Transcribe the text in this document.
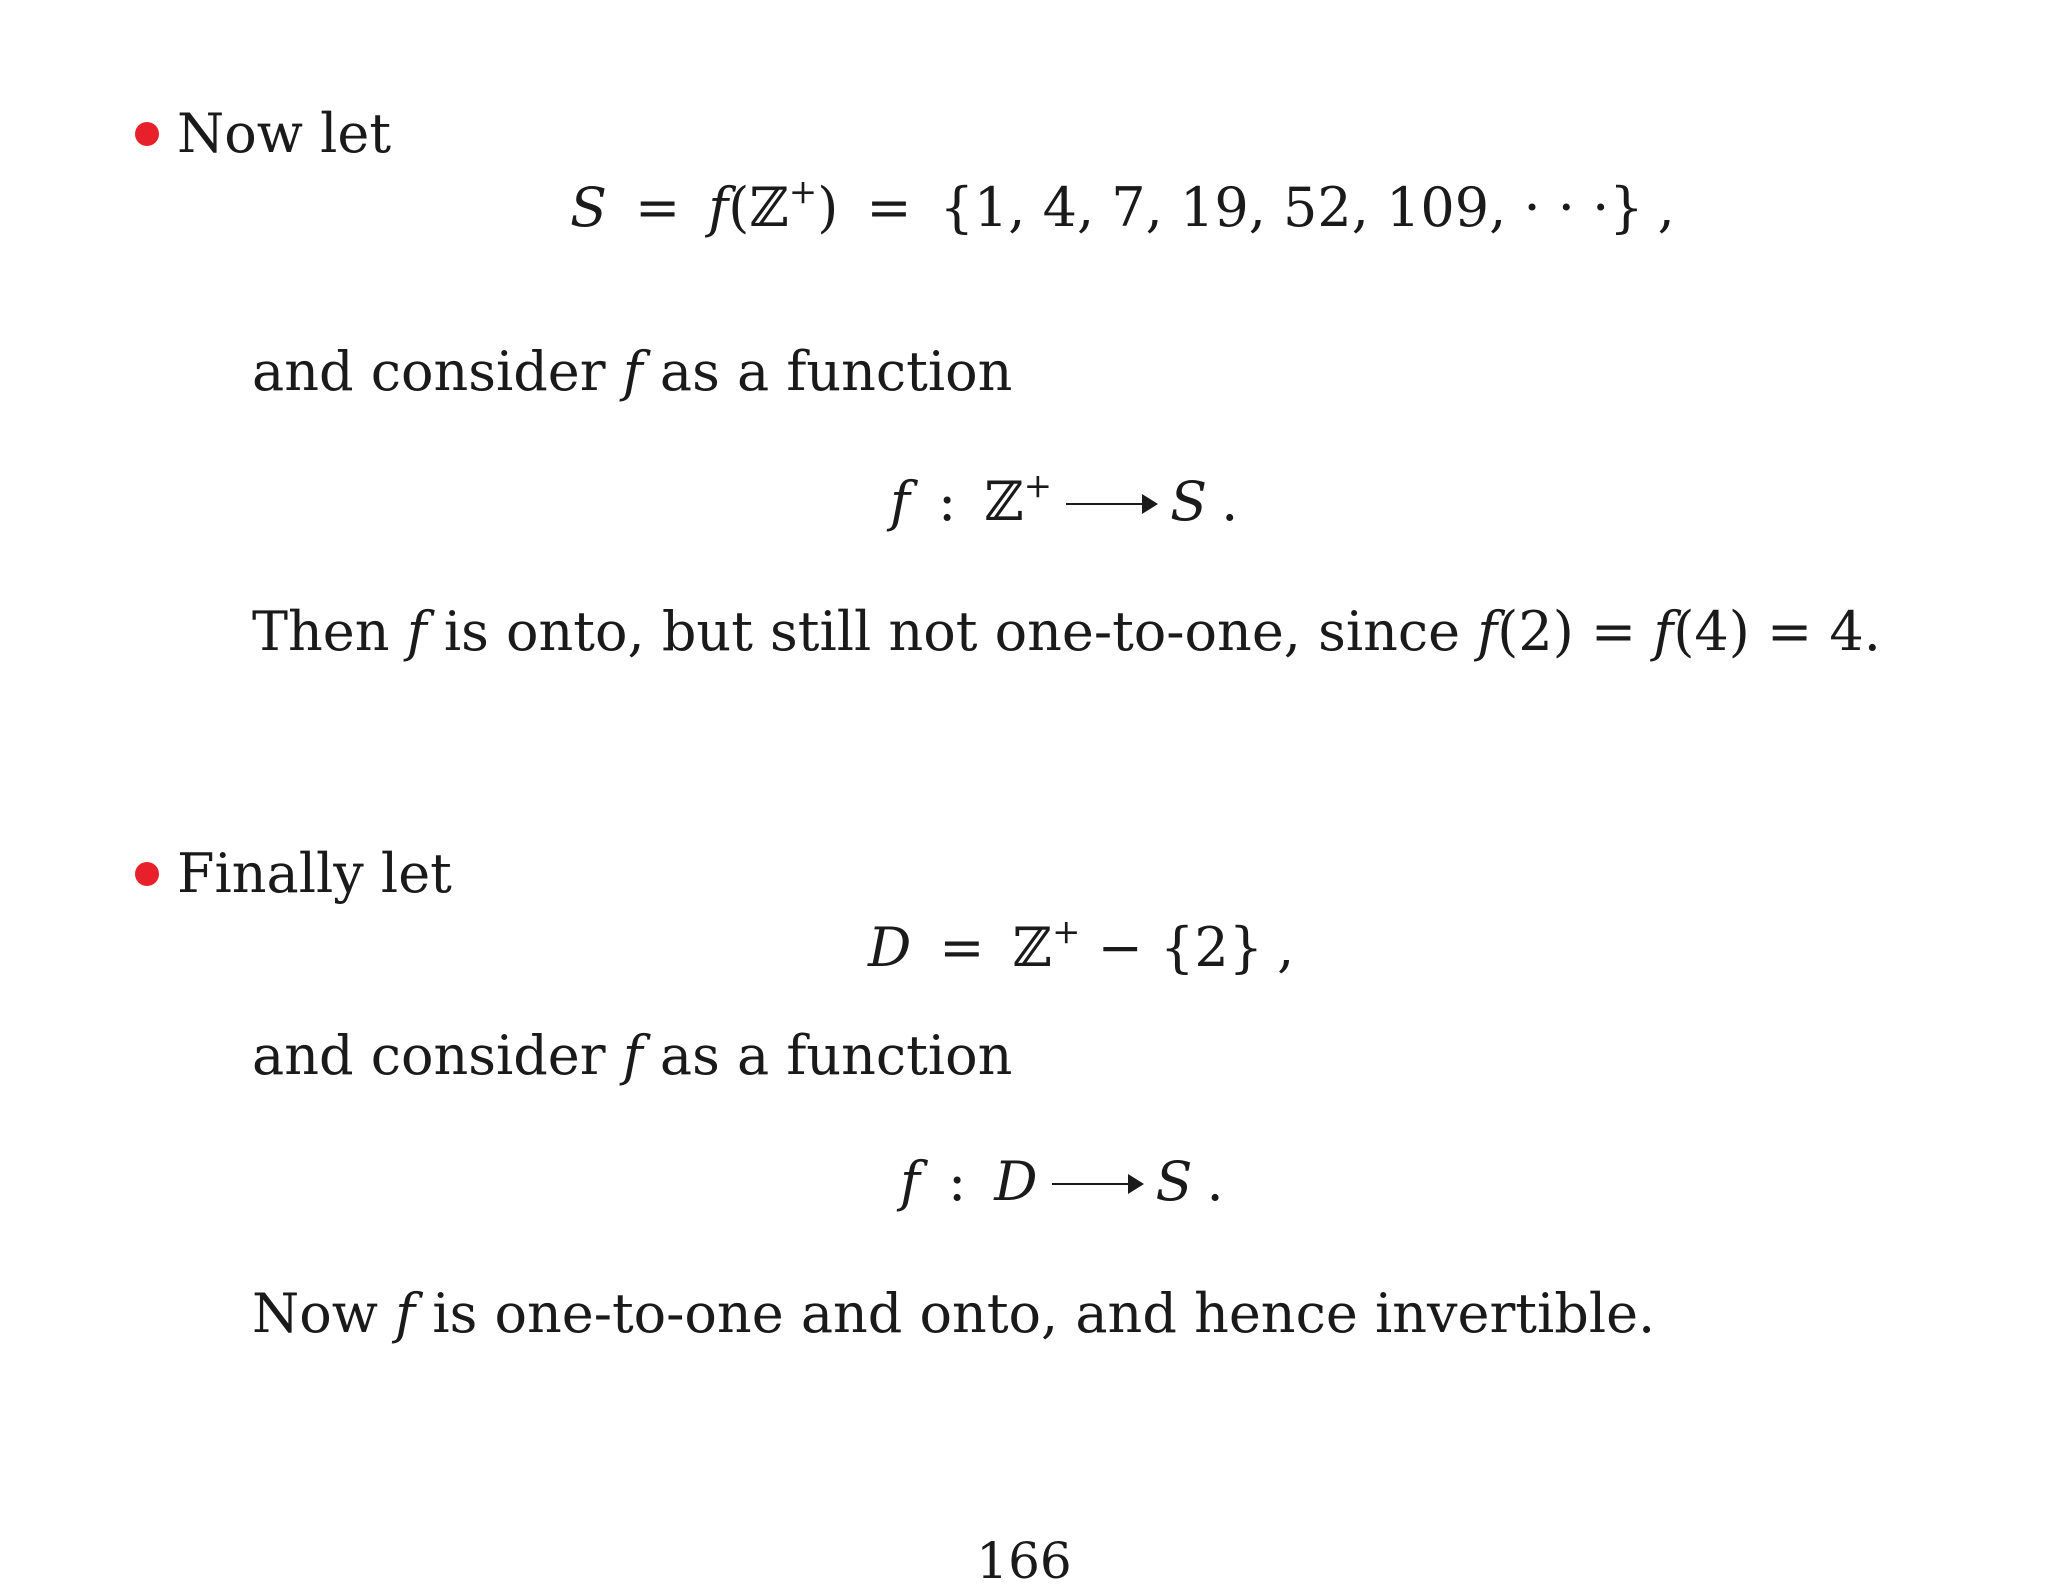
Now let
S = f(ℤ+) = {1, 4, 7, 19, 52, 109, · · ·} ,
and consider f as a function
f : ℤ+ S .
Then f is onto, but still not one-to-one, since f(2) = f(4) = 4.
Finally let
D = ℤ+ − {2} ,
and consider f as a function
f : D S .
Now f is one-to-one and onto, and hence invertible.
166
